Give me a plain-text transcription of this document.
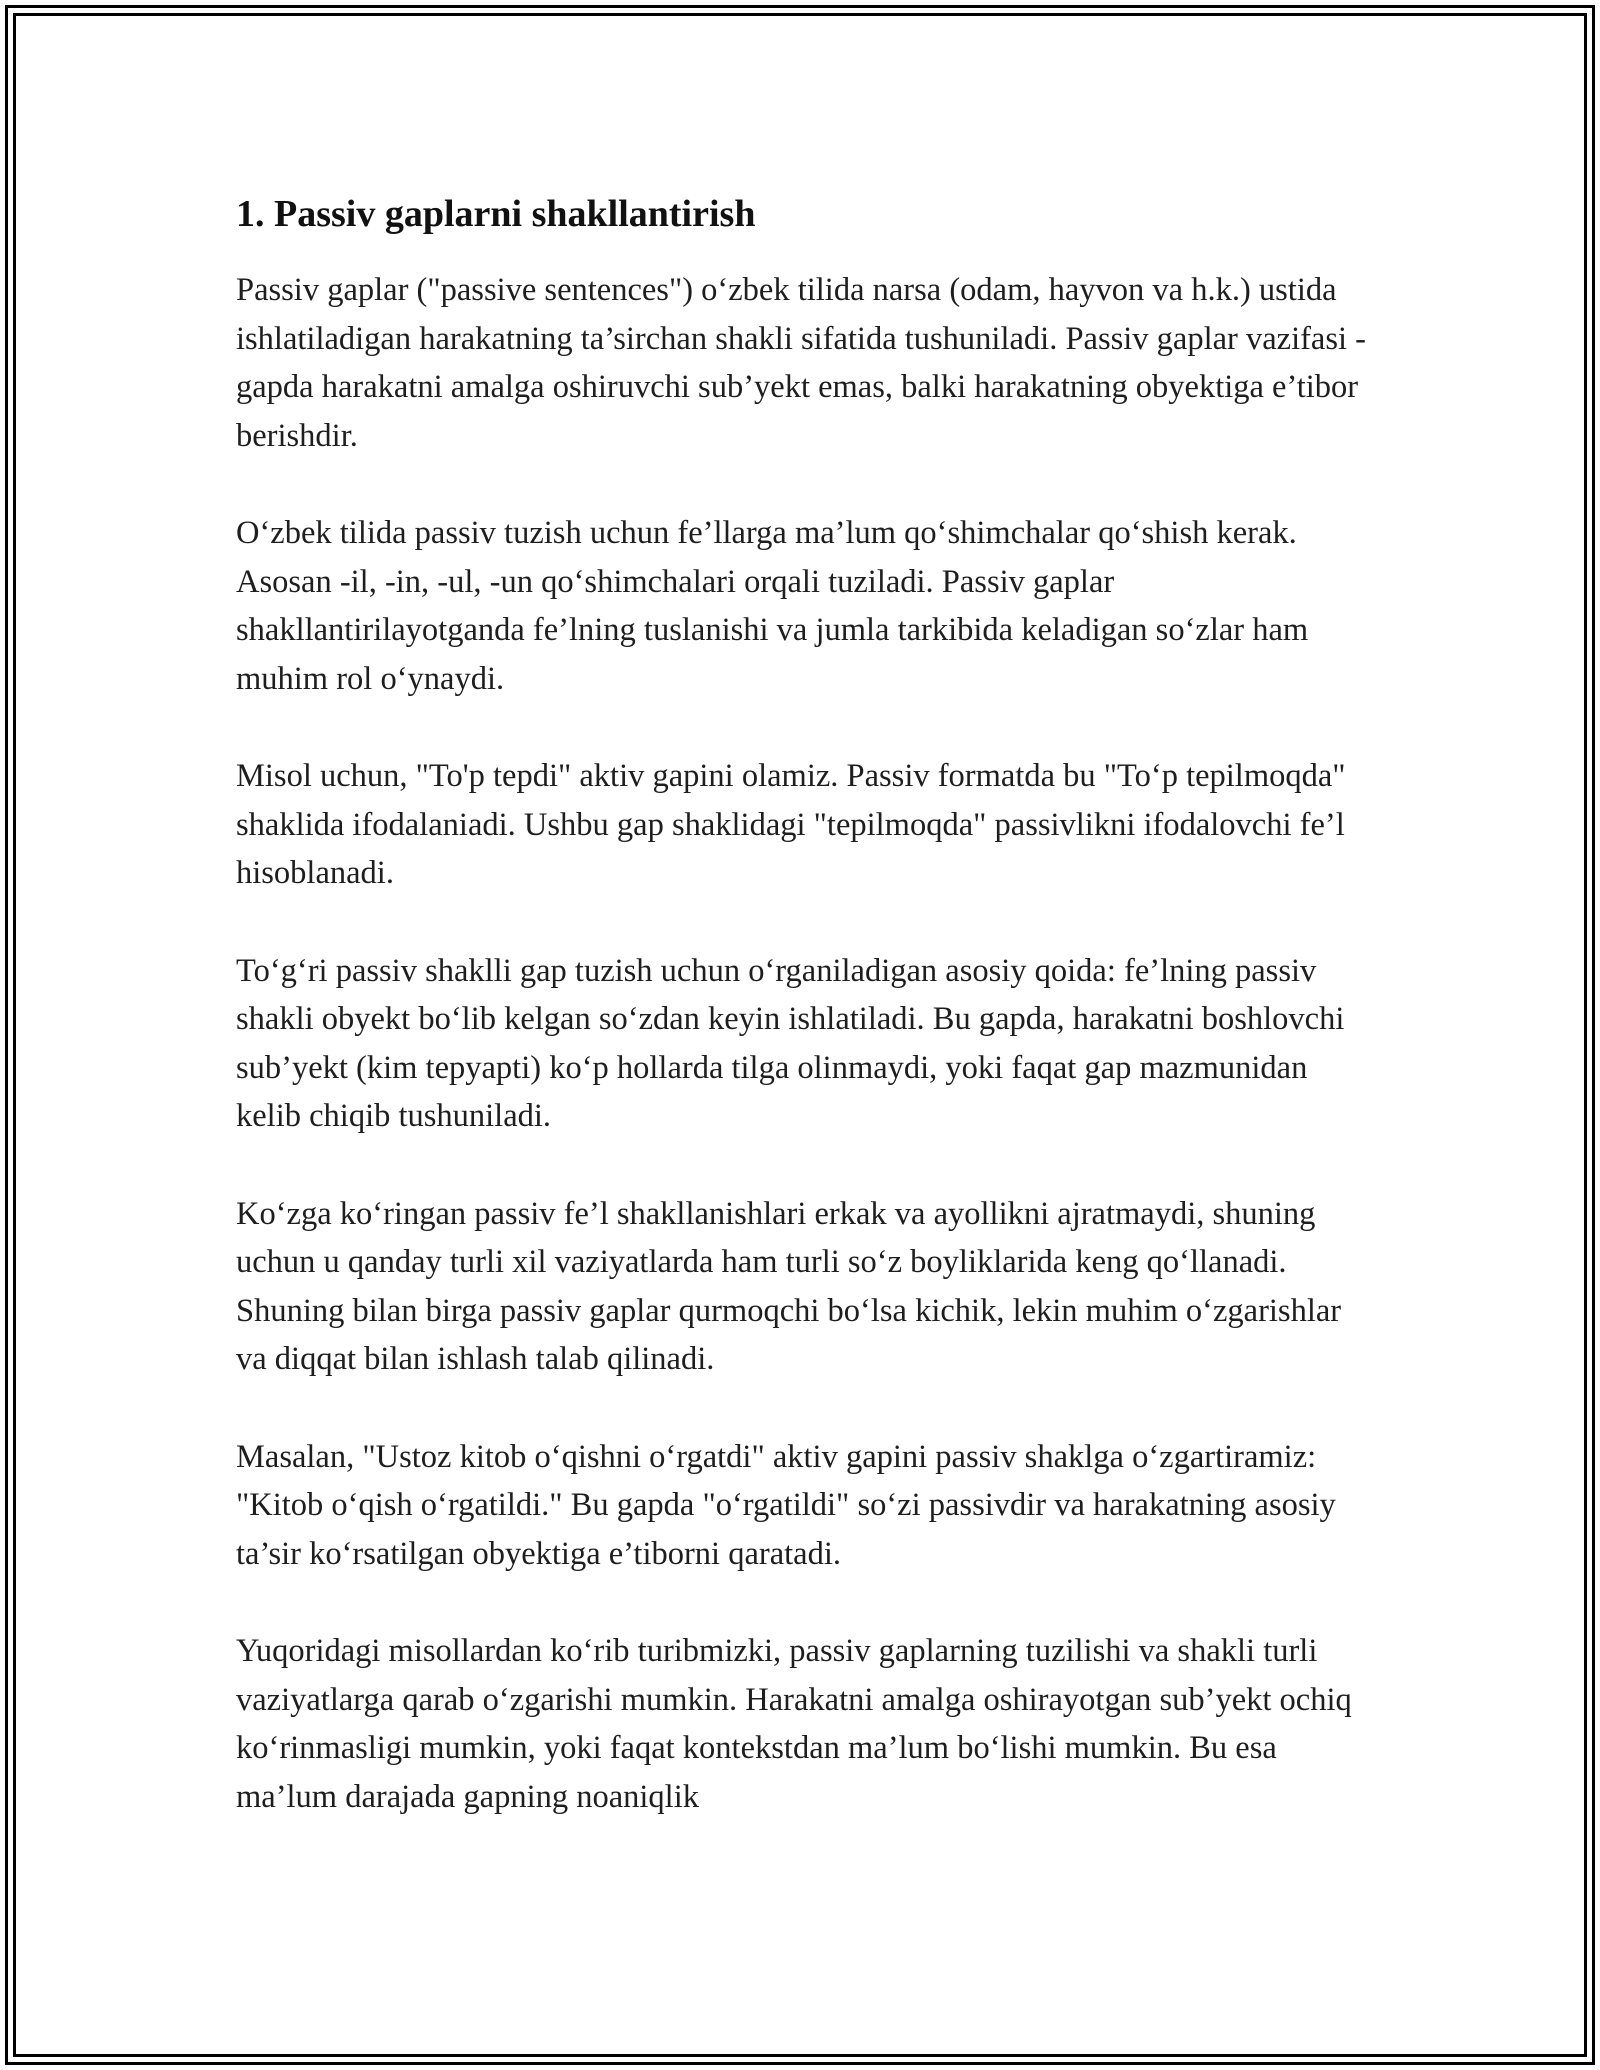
1. Passiv gaplarni shakllantirish

Passiv gaplar ("passive sentences") o‘zbek tilida narsa (odam, hayvon va h.k.) ustida ishlatiladigan harakatning ta’sirchan shakli sifatida tushuniladi. Passiv gaplar vazifasi - gapda harakatni amalga oshiruvchi sub’yekt emas, balki harakatning obyektiga e’tibor berishdir.

O‘zbek tilida passiv tuzish uchun fe’llarga ma’lum qo‘shimchalar qo‘shish kerak. Asosan -il, -in, -ul, -un qo‘shimchalari orqali tuziladi. Passiv gaplar shakllantirilayotganda fe’lning tuslanishi va jumla tarkibida keladigan so‘zlar ham muhim rol o‘ynaydi.

Misol uchun, "To'p tepdi" aktiv gapini olamiz. Passiv formatda bu "To‘p tepilmoqda" shaklida ifodalaniadi. Ushbu gap shaklidagi "tepilmoqda" passivlikni ifodalovchi fe’l hisoblanadi.

To‘g‘ri passiv shaklli gap tuzish uchun o‘rganiladigan asosiy qoida: fe’lning passiv shakli obyekt bo‘lib kelgan so‘zdan keyin ishlatiladi. Bu gapda, harakatni boshlovchi sub’yekt (kim tepyapti) ko‘p hollarda tilga olinmaydi, yoki faqat gap mazmunidan kelib chiqib tushuniladi.

Ko‘zga ko‘ringan passiv fe’l shakllanishlari erkak va ayollikni ajratmaydi, shuning uchun u qanday turli xil vaziyatlarda ham turli so‘z boyliklarida keng qo‘llanadi. Shuning bilan birga passiv gaplar qurmoqchi bo‘lsa kichik, lekin muhim o‘zgarishlar va diqqat bilan ishlash talab qilinadi.

Masalan, "Ustoz kitob o‘qishni o‘rgatdi" aktiv gapini passiv shaklga o‘zgartiramiz: "Kitob o‘qish o‘rgatildi." Bu gapda "o‘rgatildi" so‘zi passivdir va harakatning asosiy ta’sir ko‘rsatilgan obyektiga e’tiborni qaratadi.

Yuqoridagi misollardan ko‘rib turibmizki, passiv gaplarning tuzilishi va shakli turli vaziyatlarga qarab o‘zgarishi mumkin. Harakatni amalga oshirayotgan sub’yekt ochiq ko‘rinmasligi mumkin, yoki faqat kontekstdan ma’lum bo‘lishi mumkin. Bu esa ma’lum darajada gapning noaniqlik
